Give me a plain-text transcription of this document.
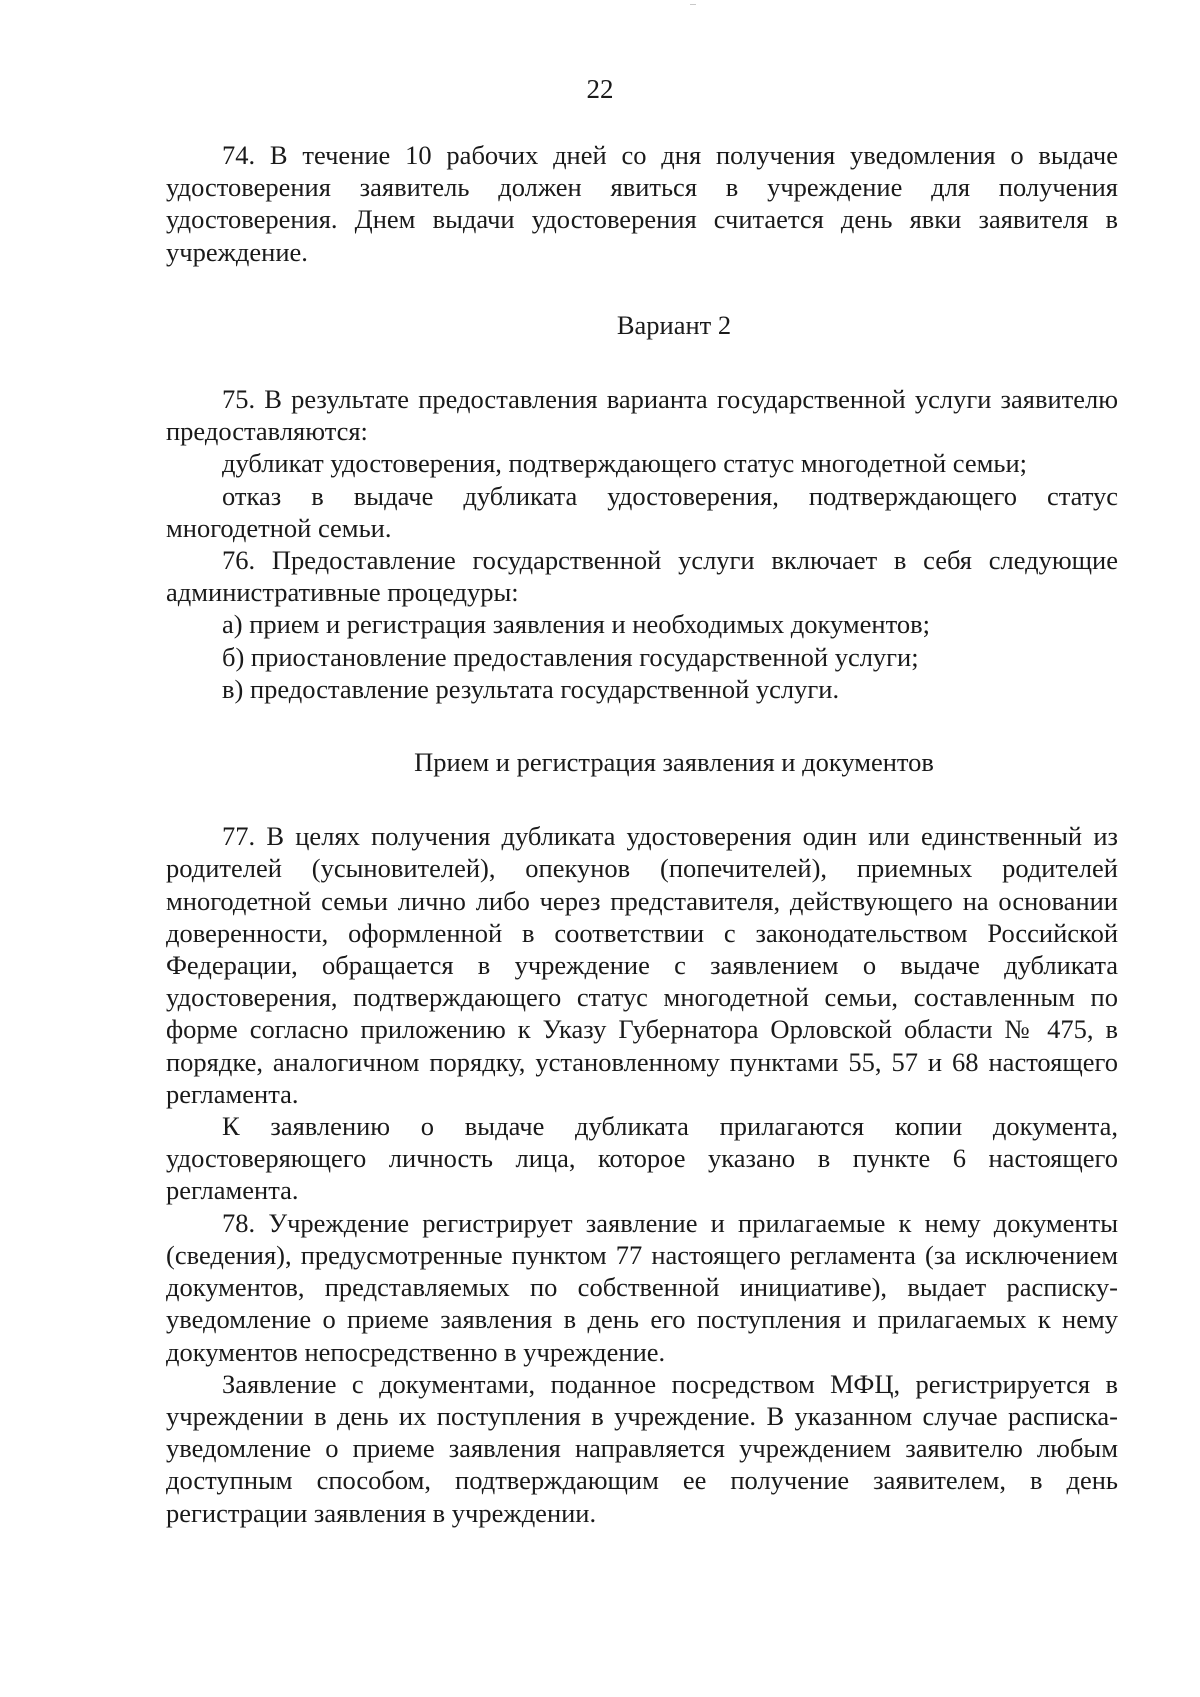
22

74. В течение 10 рабочих дней со дня получения уведомления о выдаче удостоверения заявитель должен явиться в учреждение для получения удостоверения. Днем выдачи удостоверения считается день явки заявителя в учреждение.

Вариант 2

75. В результате предоставления варианта государственной услуги заявителю предоставляются:

дубликат удостоверения, подтверждающего статус многодетной семьи;

отказ в выдаче дубликата удостоверения, подтверждающего статус многодетной семьи.

76. Предоставление государственной услуги включает в себя следующие административные процедуры:

а) прием и регистрация заявления и необходимых документов;

б) приостановление предоставления государственной услуги;

в) предоставление результата государственной услуги.

Прием и регистрация заявления и документов

77. В целях получения дубликата удостоверения один или единственный из родителей (усыновителей), опекунов (попечителей), приемных родителей многодетной семьи лично либо через представителя, действующего на основании доверенности, оформленной в соответствии с законодательством Российской Федерации, обращается в учреждение с заявлением о выдаче дубликата удостоверения, подтверждающего статус многодетной семьи, составленным по форме согласно приложению к Указу Губернатора Орловской области № 475, в порядке, аналогичном порядку, установленному пунктами 55, 57 и 68 настоящего регламента.

К заявлению о выдаче дубликата прилагаются копии документа, удостоверяющего личность лица, которое указано в пункте 6 настоящего регламента.

78. Учреждение регистрирует заявление и прилагаемые к нему документы (сведения), предусмотренные пунктом 77 настоящего регламента (за исключением документов, представляемых по собственной инициативе), выдает расписку-уведомление о приеме заявления в день его поступления и прилагаемых к нему документов непосредственно в учреждение.

Заявление с документами, поданное посредством МФЦ, регистрируется в учреждении в день их поступления в учреждение. В указанном случае расписка-уведомление о приеме заявления направляется учреждением заявителю любым доступным способом, подтверждающим ее получение заявителем, в день регистрации заявления в учреждении.
